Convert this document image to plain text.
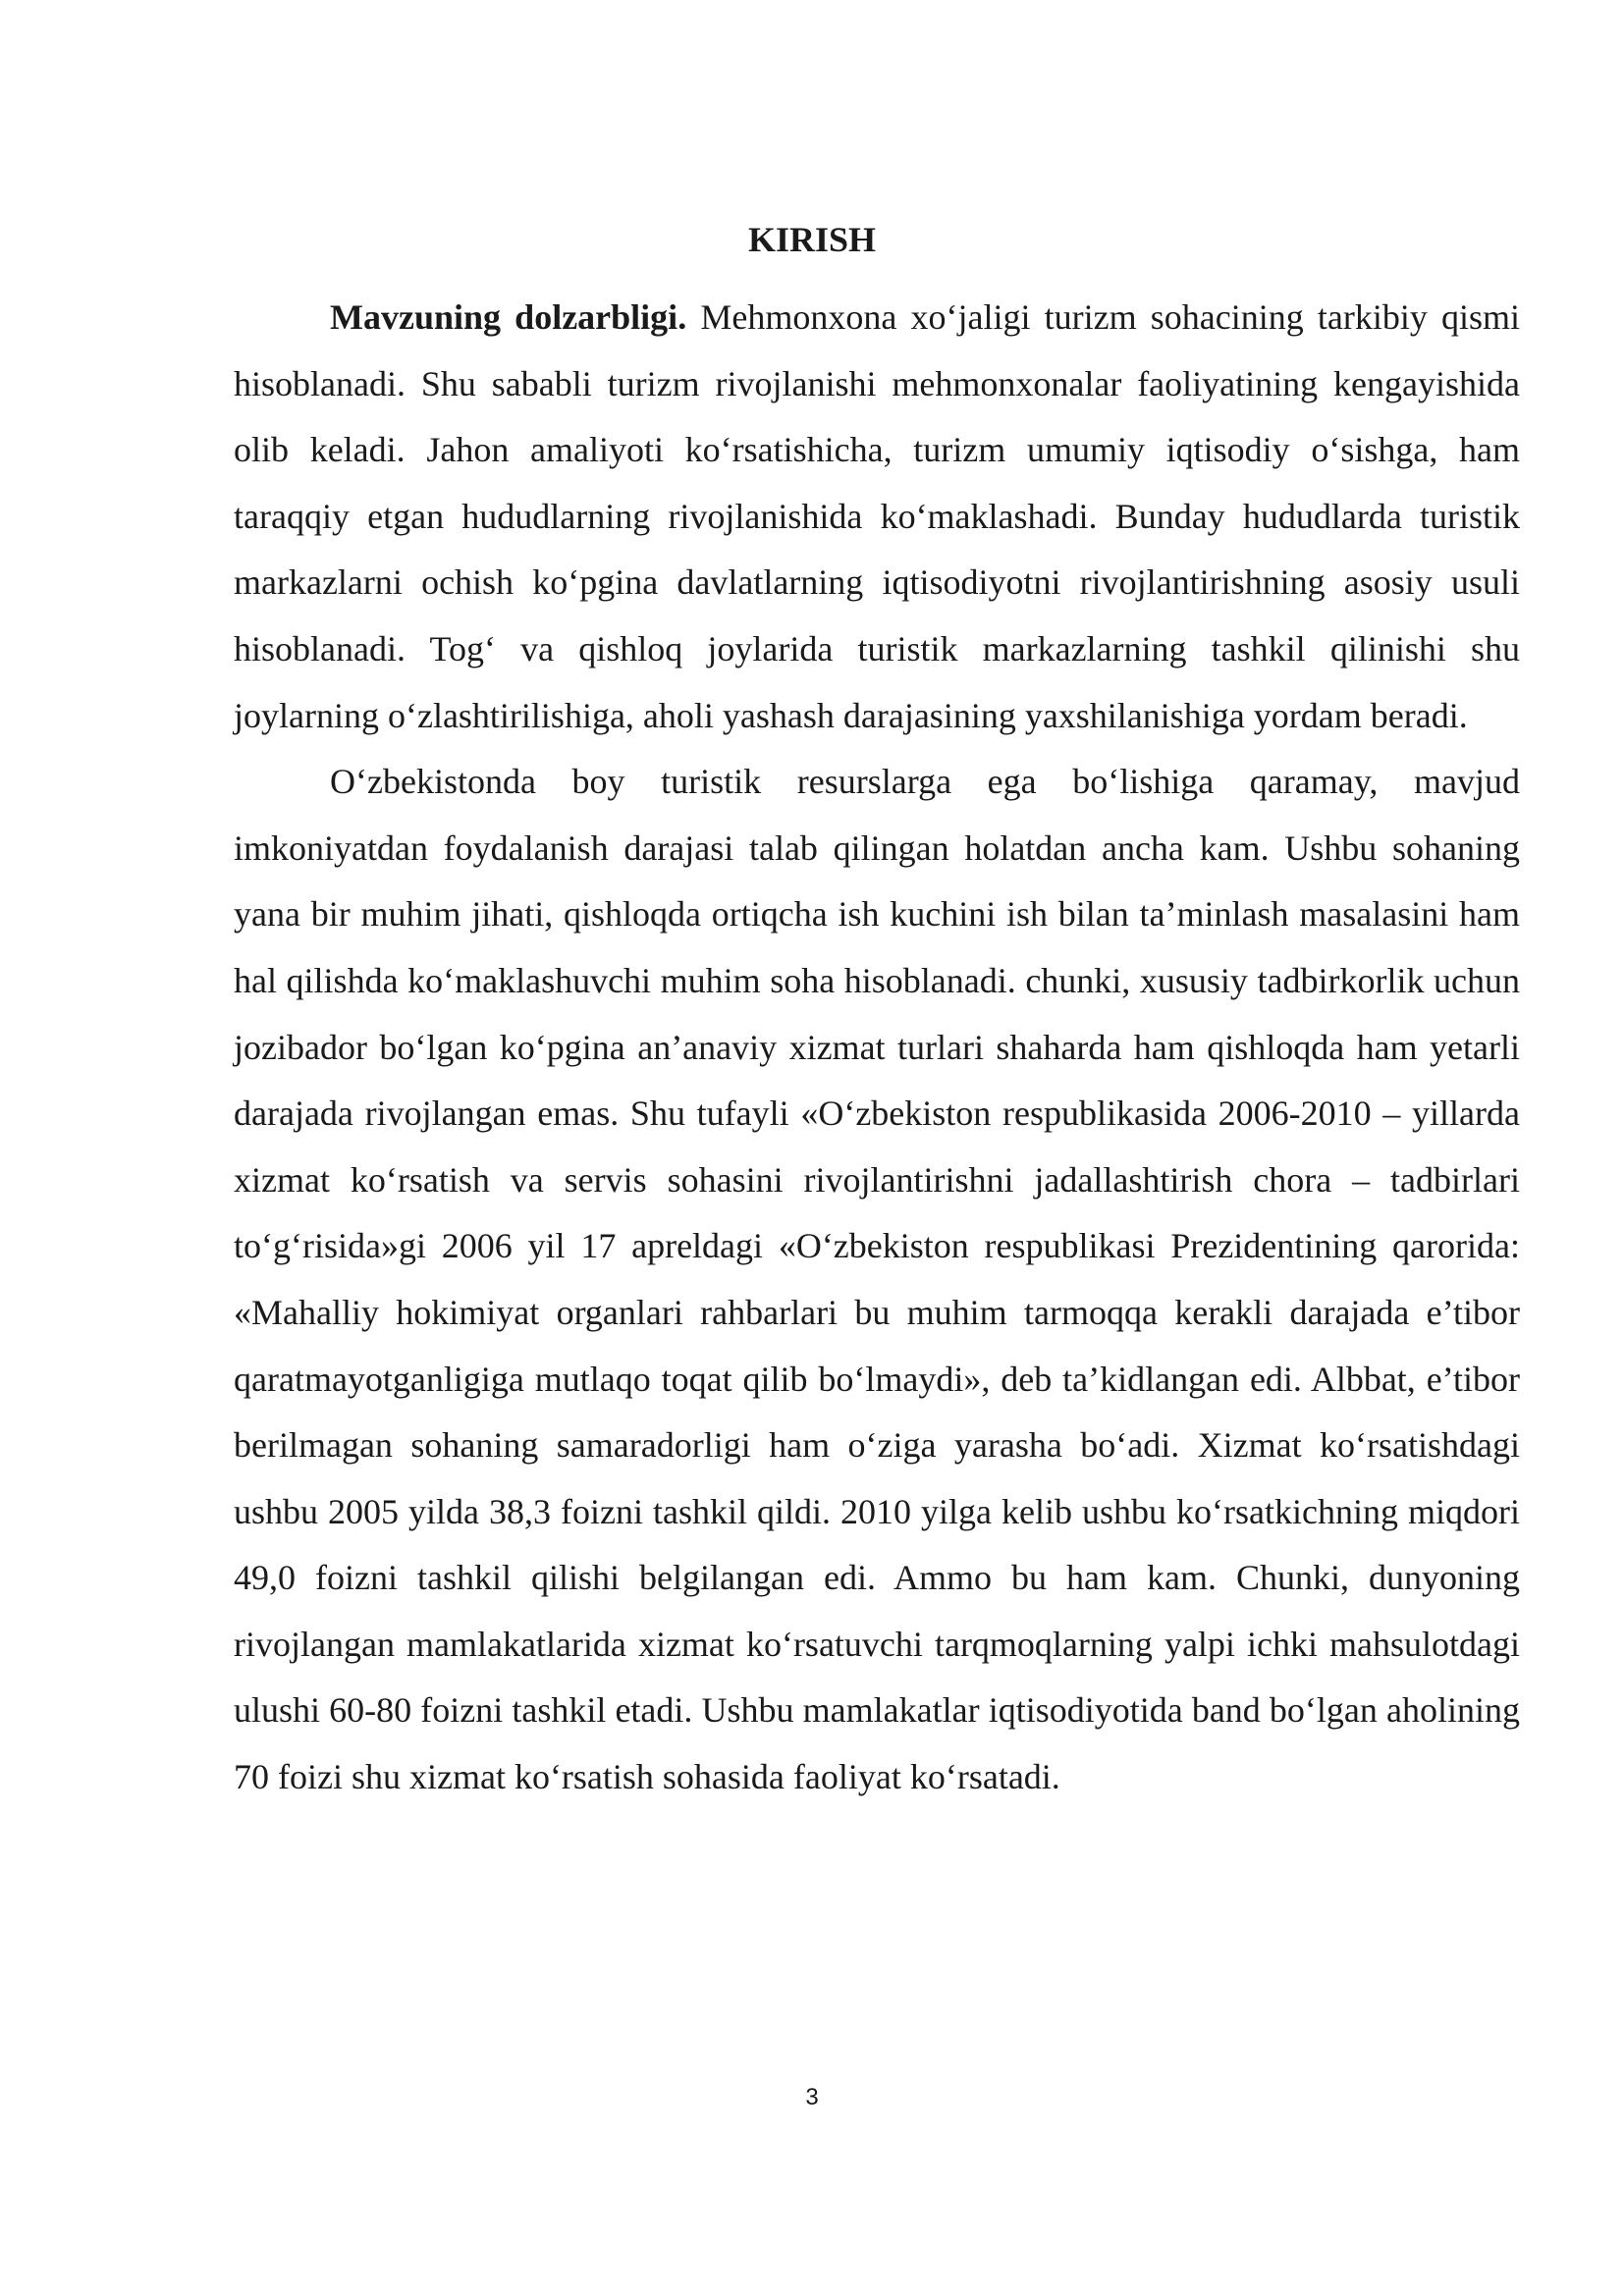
KIRISH

Mavzuning dolzarbligi. Mehmonxona xo‘jaligi turizm sohacining tarkibiy qismi hisoblanadi. Shu sababli turizm rivojlanishi mehmonxonalar faoliyatining kengayishida olib keladi. Jahon amaliyoti ko‘rsatishicha, turizm umumiy iqtisodiy o‘sishga, ham taraqqiy etgan hududlarning rivojlanishida ko‘maklashadi. Bunday hududlarda turistik markazlarni ochish ko‘pgina davlatlarning iqtisodiyotni rivojlantirishning asosiy usuli hisoblanadi. Tog‘ va qishloq joylarida turistik markazlarning tashkil qilinishi shu joylarning o‘zlashtirilishiga, aholi yashash darajasining yaxshilanishiga yordam beradi.

O‘zbekistonda boy turistik resurslarga ega bo‘lishiga qaramay, mavjud imkoniyatdan foydalanish darajasi talab qilingan holatdan ancha kam. Ushbu sohaning yana bir muhim jihati, qishloqda ortiqcha ish kuchini ish bilan ta’minlash masalasini ham hal qilishda ko‘maklashuvchi muhim soha hisoblanadi. chunki, xususiy tadbirkorlik uchun jozibador bo‘lgan ko‘pgina an’anaviy xizmat turlari shaharda ham qishloqda ham yetarli darajada rivojlangan emas. Shu tufayli «O‘zbekiston respublikasida 2006-2010 – yillarda xizmat ko‘rsatish va servis sohasini rivojlantirishni jadallashtirish chora – tadbirlari to‘g‘risida»gi 2006 yil 17 apreldagi «O‘zbekiston respublikasi Prezidentining qarorida: «Mahalliy hokimiyat organlari rahbarlari bu muhim tarmoqqa kerakli darajada e’tibor qaratmayotganligiga mutlaqo toqat qilib bo‘lmaydi», deb ta’kidlangan edi. Albbat, e’tibor berilmagan sohaning samaradorligi ham o‘ziga yarasha bo‘adi. Xizmat ko‘rsatishdagi ushbu 2005 yilda 38,3 foizni tashkil qildi. 2010 yilga kelib ushbu ko‘rsatkichning miqdori 49,0 foizni tashkil qilishi belgilangan edi. Ammo bu ham kam. Chunki, dunyoning rivojlangan mamlakatlarida xizmat ko‘rsatuvchi tarqmoqlarning yalpi ichki mahsulotdagi ulushi 60-80 foizni tashkil etadi. Ushbu mamlakatlar iqtisodiyotida band bo‘lgan aholining 70 foizi shu xizmat ko‘rsatish sohasida faoliyat ko‘rsatadi.

3
